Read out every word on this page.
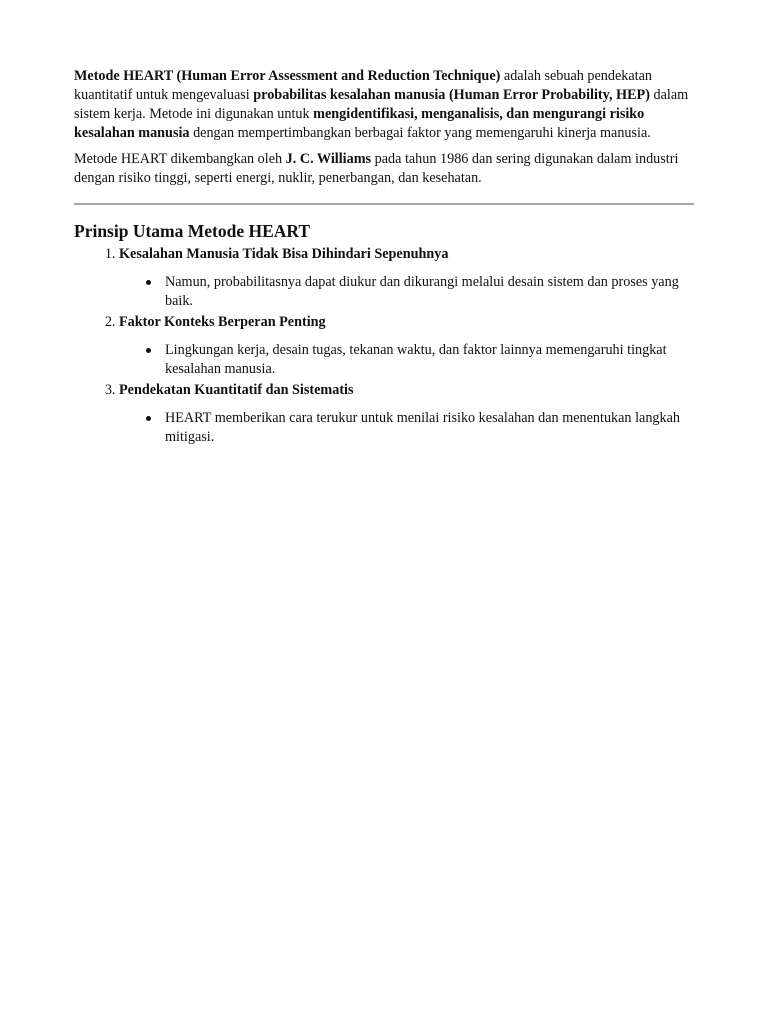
Metode HEART (Human Error Assessment and Reduction Technique) adalah sebuah pendekatan kuantitatif untuk mengevaluasi probabilitas kesalahan manusia (Human Error Probability, HEP) dalam sistem kerja. Metode ini digunakan untuk mengidentifikasi, menganalisis, dan mengurangi risiko kesalahan manusia dengan mempertimbangkan berbagai faktor yang memengaruhi kinerja manusia.

Metode HEART dikembangkan oleh J. C. Williams pada tahun 1986 dan sering digunakan dalam industri dengan risiko tinggi, seperti energi, nuklir, penerbangan, dan kesehatan.

Prinsip Utama Metode HEART
1. Kesalahan Manusia Tidak Bisa Dihindari Sepenuhnya
Namun, probabilitasnya dapat diukur dan dikurangi melalui desain sistem dan proses yang baik.
2. Faktor Konteks Berperan Penting
Lingkungan kerja, desain tugas, tekanan waktu, dan faktor lainnya memengaruhi tingkat kesalahan manusia.
3. Pendekatan Kuantitatif dan Sistematis
HEART memberikan cara terukur untuk menilai risiko kesalahan dan menentukan langkah mitigasi.
